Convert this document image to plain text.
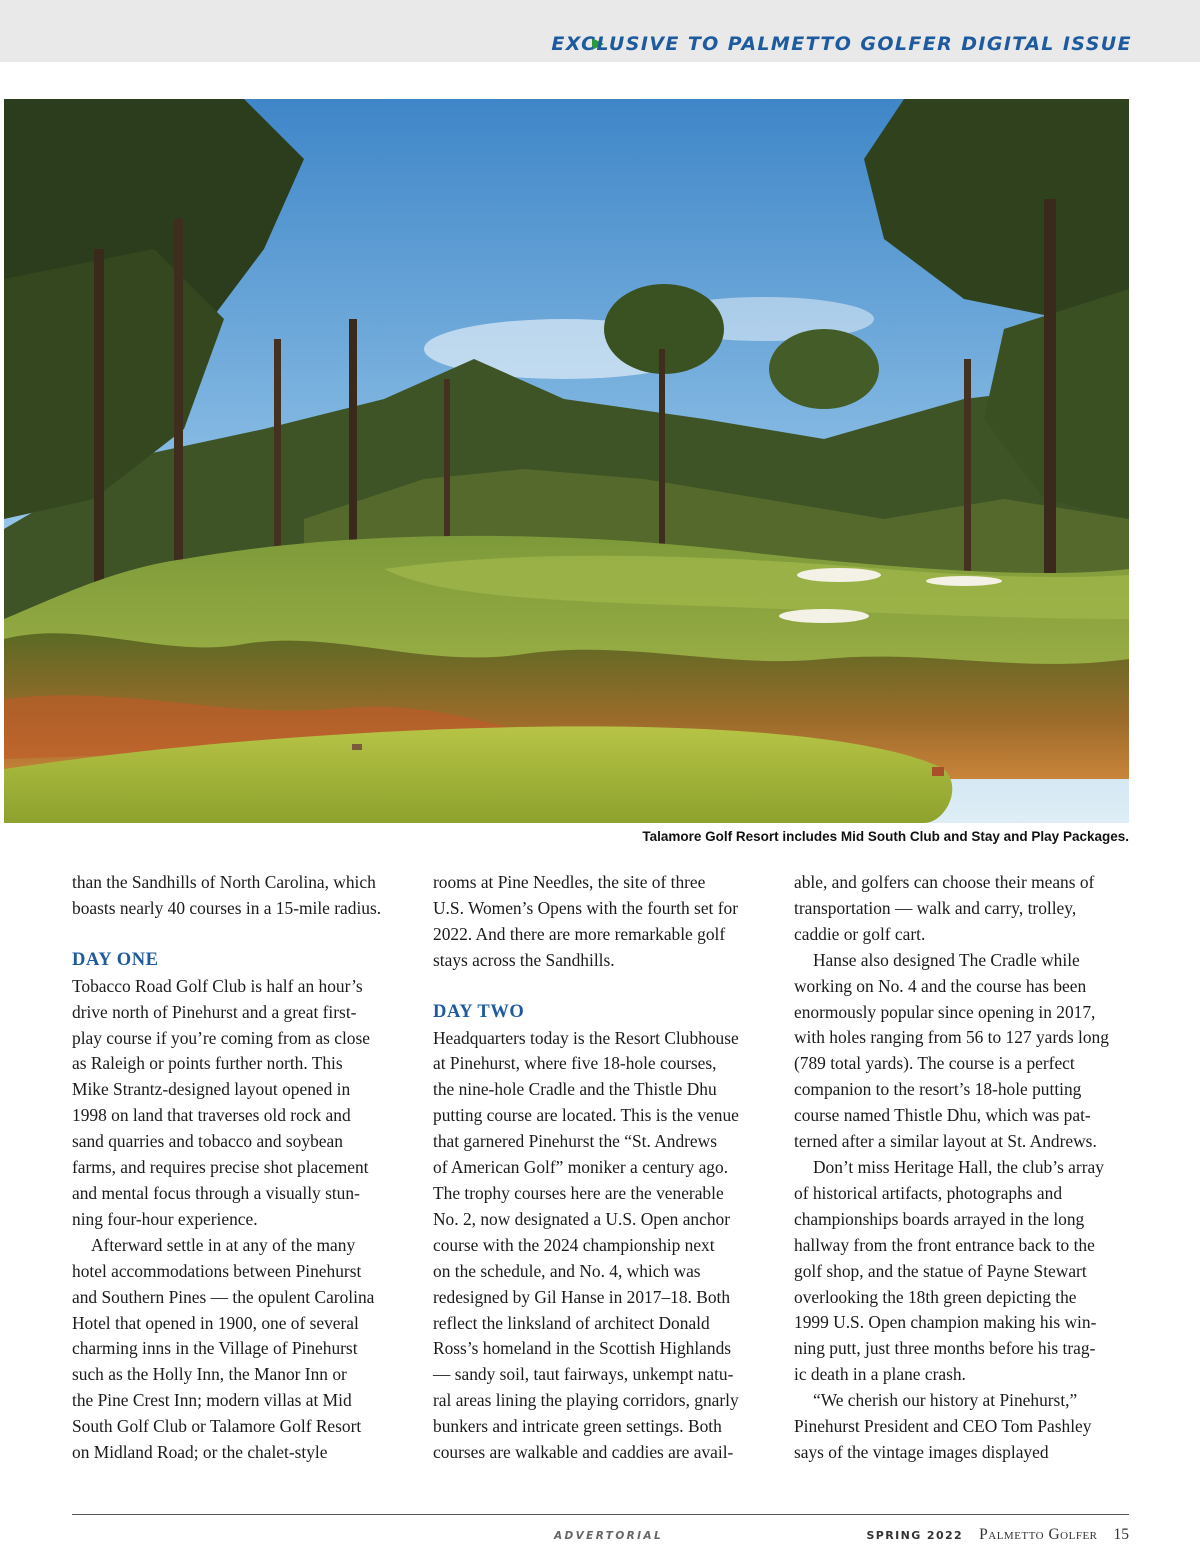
EXCLUSIVE TO PALMETTO GOLFER DIGITAL ISSUE
Talamore Golf Resort includes Mid South Club and Stay and Play Packages.

than the Sandhills of North Carolina, which

boasts nearly 40 courses in a 15-mile radius.

DAY ONE

Tobacco Road Golf Club is half an hour’s

drive north of Pinehurst and a great first-

play course if you’re coming from as close

as Raleigh or points further north. This

Mike Strantz-designed layout opened in

1998 on land that traverses old rock and

sand quarries and tobacco and soybean

farms, and requires precise shot placement

and mental focus through a visually stun-

ning four-hour experience.

Afterward settle in at any of the many

hotel accommodations between Pinehurst

and Southern Pines — the opulent Carolina

Hotel that opened in 1900, one of several

charming inns in the Village of Pinehurst

such as the Holly Inn, the Manor Inn or

the Pine Crest Inn; modern villas at Mid

South Golf Club or Talamore Golf Resort

on Midland Road; or the chalet-style

rooms at Pine Needles, the site of three

U.S. Women’s Opens with the fourth set for

2022. And there are more remarkable golf

stays across the Sandhills.

DAY TWO

Headquarters today is the Resort Clubhouse

at Pinehurst, where five 18-hole courses,

the nine-hole Cradle and the Thistle Dhu

putting course are located. This is the venue

that garnered Pinehurst the “St. Andrews

of American Golf” moniker a century ago.

The trophy courses here are the venerable

No. 2, now designated a U.S. Open anchor

course with the 2024 championship next

on the schedule, and No. 4, which was

redesigned by Gil Hanse in 2017–18. Both

reflect the linksland of architect Donald

Ross’s homeland in the Scottish Highlands

— sandy soil, taut fairways, unkempt natu-

ral areas lining the playing corridors, gnarly

bunkers and intricate green settings. Both

courses are walkable and caddies are avail-

able, and golfers can choose their means of

transportation — walk and carry, trolley,

caddie or golf cart.

Hanse also designed The Cradle while

working on No. 4 and the course has been

enormously popular since opening in 2017,

with holes ranging from 56 to 127 yards long

(789 total yards). The course is a perfect

companion to the resort’s 18-hole putting

course named Thistle Dhu, which was pat-

terned after a similar layout at St. Andrews.

Don’t miss Heritage Hall, the club’s array

of historical artifacts, photographs and

championships boards arrayed in the long

hallway from the front entrance back to the

golf shop, and the statue of Payne Stewart

overlooking the 18th green depicting the

1999 U.S. Open champion making his win-

ning putt, just three months before his trag-

ic death in a plane crash.

“We cherish our history at Pinehurst,”

Pinehurst President and CEO Tom Pashley

says of the vintage images displayed

ADVERTORIAL	SPRING 2022 Palmetto Golfer 15
